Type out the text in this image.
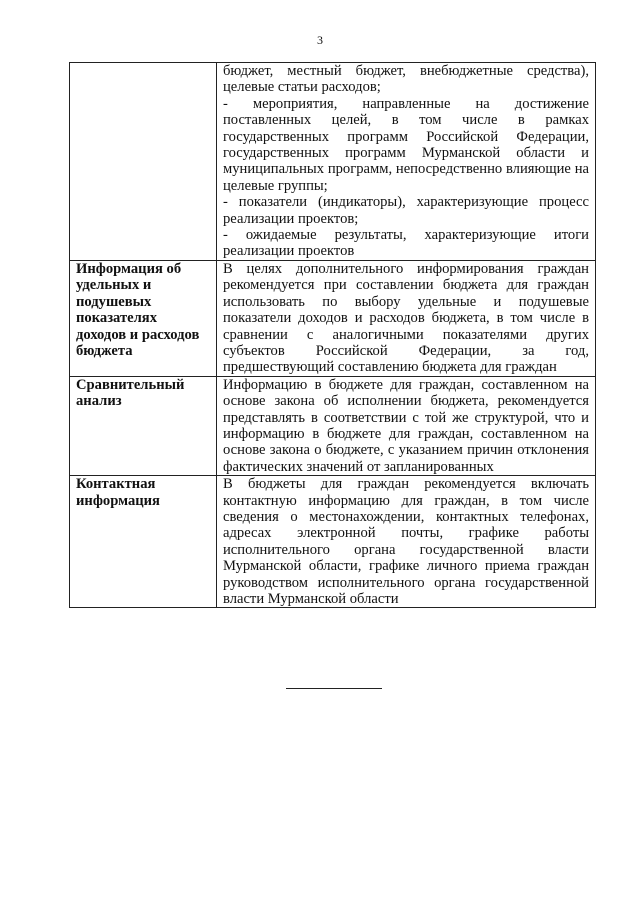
3

	бюджет, местный бюджет, внебюджетные средства), целевые статьи расходов;
- мероприятия, направленные на достижение поставленных целей, в том числе в рамках государственных программ Российской Федерации, государственных программ Мурманской области и муниципальных программ, непосредственно влияющие на целевые группы;
- показатели (индикаторы), характеризующие процесс реализации проектов;
- ожидаемые результаты, характеризующие итоги реализации проектов

Информация об удельных и подушевых показателях доходов и расходов бюджета	В целях дополнительного информирования граждан рекомендуется при составлении бюджета для граждан использовать по выбору удельные и подушевые показатели доходов и расходов бюджета, в том числе в сравнении с аналогичными показателями других субъектов Российской Федерации, за год, предшествующий составлению бюджета для граждан

Сравнительный анализ	Информацию в бюджете для граждан, составленном на основе закона об исполнении бюджета, рекомендуется представлять в соответствии с той же структурой, что и информацию в бюджете для граждан, составленном на основе закона о бюджете, с указанием причин отклонения фактических значений от запланированных

Контактная информация	В бюджеты для граждан рекомендуется включать контактную информацию для граждан, в том числе сведения о местонахождении, контактных телефонах, адресах электронной почты, графике работы исполнительного органа государственной власти Мурманской области, графике личного приема граждан руководством исполнительного органа государственной власти Мурманской области
